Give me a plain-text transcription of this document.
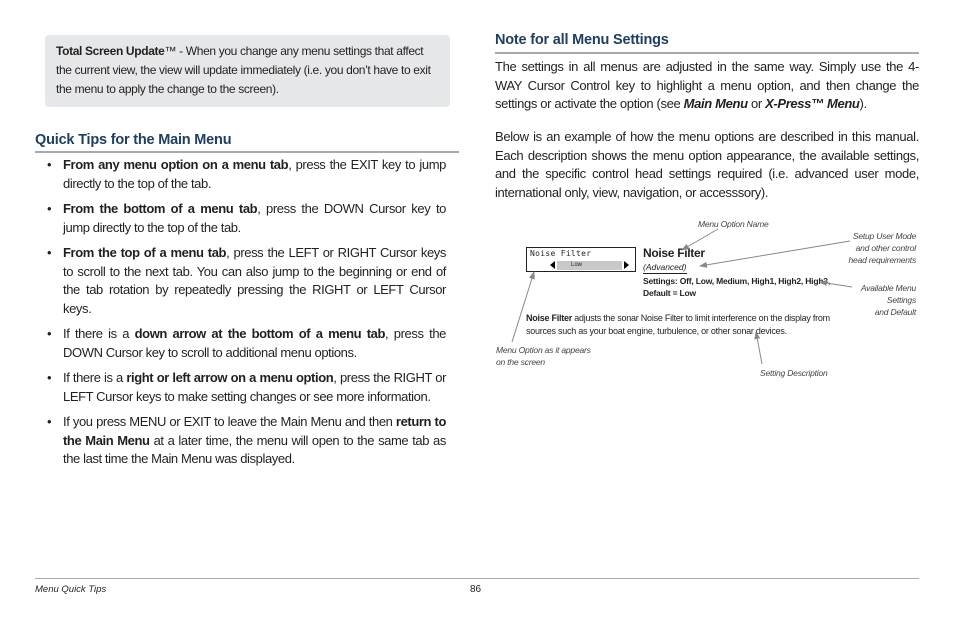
Total Screen Update™ - When you change any menu settings that affect the current view, the view will update immediately (i.e. you don’t have to exit the menu to apply the change to the screen).
Quick Tips for the Main Menu
• From any menu option on a menu tab, press the EXIT key to jump directly to the top of the tab.
• From the bottom of a menu tab, press the DOWN Cursor key to jump directly to the top of the tab.
• From the top of a menu tab, press the LEFT or RIGHT Cursor keys to scroll to the next tab. You can also jump to the beginning or end of the tab rotation by repeatedly pressing the RIGHT or LEFT Cursor keys.
• If there is a down arrow at the bottom of a menu tab, press the DOWN Cursor key to scroll to additional menu options.
• If there is a right or left arrow on a menu option, press the RIGHT or LEFT Cursor keys to make setting changes or see more information.
• If you press MENU or EXIT to leave the Main Menu and then return to the Main Menu at a later time, the menu will open to the same tab as the last time the Main Menu was displayed.
Note for all Menu Settings
The settings in all menus are adjusted in the same way. Simply use the 4-WAY Cursor Control key to highlight a menu option, and then change the settings or activate the option (see Main Menu or X-Press™ Menu).
Below is an example of how the menu options are described in this manual. Each description shows the menu option appearance, the available settings, and the specific control head settings required (i.e. advanced user mode, international only, view, navigation, or accesssory).
Menu Option Name
Setup User Mode
and other control
head requirements
Available Menu
Settings
and Default
Noise Filter
Low
Noise Filter
(Advanced)
Settings: Off, Low, Medium, High1, High2, High3,
Default = Low
Noise Filter adjusts the sonar Noise Filter to limit interference on the display from sources such as your boat engine, turbulence, or other sonar devices.
Menu Option as it appears
on the screen
Setting Description
Menu Quick Tips	86
